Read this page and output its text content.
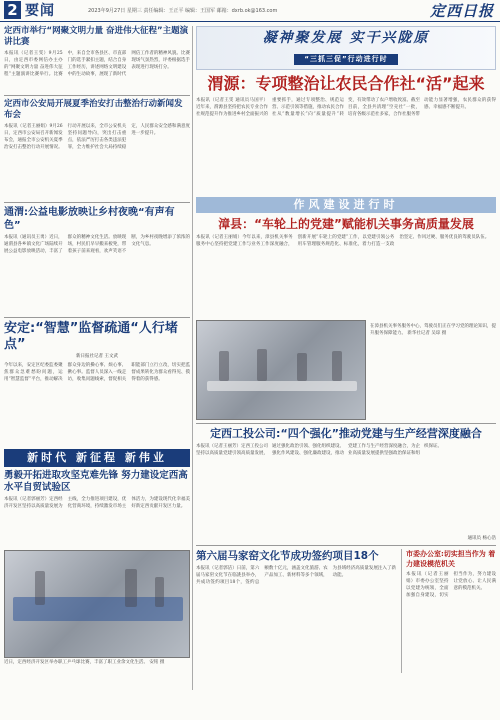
2 要闻	2023年9月27日 星期三 责任编辑：王正平 编辑：王国军 邮箱：dxrb.ok@163.com	定西日报
定西市举行“网聚文明力量 奋进伟大征程”主题演讲比赛
本报讯（记者王雯）9月25日，由定西市委网信办主办的“网聚文明力量 奋进伟大征程”主题演讲比赛举行。比赛中，来自全市各县区、市直部门的选手紧扣主题，结合自身工作经历，讲述网络文明建设中的生动故事，展现了新时代网信工作者的精神风貌。比赛现场气氛热烈，评委根据选手表现进行现场打分。
定西市公安局开展夏季治安打击整治行动新闻发布会
本报讯（记者王丽娟）9月26日，定西市公安局召开新闻发布会，通报全市公安机关夏季治安打击整治行动开展情况。行动开展以来，全市公安机关坚持问题导向，突出打击重点，依法严厉打击各类违法犯罪，全力维护社会大局持续稳定，人民群众安全感和满意度进一步提升。
通渭:公益电影放映让乡村夜晚“有声有色”
本报讯（通讯员王勇）近日，通渭县各乡镇文化广场陆续开展公益电影放映活动，丰富了群众的精神文化生活。放映现场，村民们早早搬来板凳，带着孩子前来观看，欢声笑语不断，为乡村夜晚增添了浓浓的文化气息。
安定:“智慧”监督疏通“人行堵点”
新日报社记者 王文武
今年以来，安定区纪委监委聚焦群众急难愁盼问题，运用“智慧监督”平台，推动解决群众身边的操心事、烦心事、揪心事。监督人员深入一线走访，收集问题线索，督促相关职能部门立行立改，切实把监督成果转化为群众看得见、摸得着的获得感。
新时代 新征程 新伟业
勇毅开拓进取攻坚克难先锋 努力建设定西高水平自贸试验区
本报讯（记者郭丽芳）定西经济开发区坚持以高质量发展为主线，全力推进项目建设，优化营商环境，持续激发市场主体活力，为建设现代化幸福美好新定西贡献开发区力量。
近日，定西经济开发区举办职工乒乓球比赛，丰富了职工业余文化生活。 安铭 摄
凝神聚发展 实干兴陇原
“三抓三促”行动进行时
渭源：专项整治让农民合作社“活”起来
本报讯（记者王雯 通讯员马国平）近年来，渭源县坚持把农民专业合作社规范提升作为推进乡村全面振兴的重要抓手，通过专项整治、规范运营、示范引领等措施，推动农民合作社从“数量增长”向“质量提升”转变，有效带动了农户增收致富。截至目前，全县共清理“空壳社”一批，培育各级示范社多家，合作社服务带动能力显著增强，农民群众的获得感、幸福感不断提升。
作风建设进行时
漳县：“车轮上的党建”赋能机关事务高质量发展
本报讯（记者王丽娟）今年以来，漳县机关事务服务中心坚持把党建工作与业务工作深度融合，创新开展“车轮上的党建”工作，以党建引领公务用车管理服务规范化、标准化，着力打造一支政治坚定、作风过硬、服务优良的驾驶员队伍。
在漳县机关事务服务中心，驾驶员们正在学习党的理论知识，提升服务保障能力。 新华社记者 吴琼 摄
定西工投公司:“四个强化”推动党建与生产经营深度融合
本报讯（记者王丽芳）定西工投公司坚持以高质量党建引领高质量发展，通过强化政治引领、强化组织建设、强化作风建设、强化廉政建设，推动党建工作与生产经营深度融合，为企业高质量发展提供坚强政治保证和组织保证。
通讯员 杨心浩
第六届马家窑文化节成功签约项目18个
本报讯（记者郭洁）日前，第六届马家窑文化节在临洮县举办，共成功签约项目18个，签约总额数十亿元，涵盖文化旅游、农产品加工、新材料等多个领域，为县域经济高质量发展注入了新动能。
市委办公室:切实担当作为 着力建设模范机关
本报讯（记者王丽娟）市委办公室坚持以党建为统领，全面加强自身建设，切实担当作为，努力建设让党放心、让人民满意的模范机关。
